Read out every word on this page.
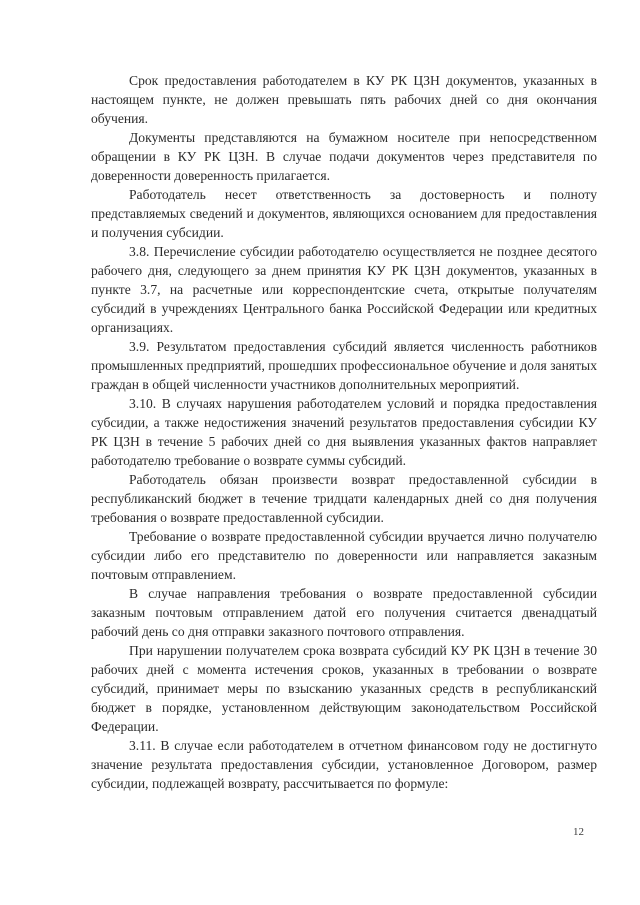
Срок предоставления работодателем в КУ РК ЦЗН документов, указанных в настоящем пункте, не должен превышать пять рабочих дней со дня окончания обучения.

Документы представляются на бумажном носителе при непосредственном обращении в КУ РК ЦЗН. В случае подачи документов через представителя по доверенности доверенность прилагается.

Работодатель несет ответственность за достоверность и полноту представляемых сведений и документов, являющихся основанием для предоставления и получения субсидии.

3.8. Перечисление субсидии работодателю осуществляется не позднее десятого рабочего дня, следующего за днем принятия КУ РК ЦЗН документов, указанных в пункте 3.7, на расчетные или корреспондентские счета, открытые получателям субсидий в учреждениях Центрального банка Российской Федерации или кредитных организациях.

3.9. Результатом предоставления субсидий является численность работников промышленных предприятий, прошедших профессиональное обучение и доля занятых граждан в общей численности участников дополнительных мероприятий.

3.10. В случаях нарушения работодателем условий и порядка предоставления субсидии, а также недостижения значений результатов предоставления субсидии КУ РК ЦЗН в течение 5 рабочих дней со дня выявления указанных фактов направляет работодателю требование о возврате суммы субсидий.

Работодатель обязан произвести возврат предоставленной субсидии в республиканский бюджет в течение тридцати календарных дней со дня получения требования о возврате предоставленной субсидии.

Требование о возврате предоставленной субсидии вручается лично получателю субсидии либо его представителю по доверенности или направляется заказным почтовым отправлением.

В случае направления требования о возврате предоставленной субсидии заказным почтовым отправлением датой его получения считается двенадцатый рабочий день со дня отправки заказного почтового отправления.

При нарушении получателем срока возврата субсидий КУ РК ЦЗН в течение 30 рабочих дней с момента истечения сроков, указанных в требовании о возврате субсидий, принимает меры по взысканию указанных средств в республиканский бюджет в порядке, установленном действующим законодательством Российской Федерации.

3.11. В случае если работодателем в отчетном финансовом году не достигнуто значение результата предоставления субсидии, установленное Договором, размер субсидии, подлежащей возврату, рассчитывается по формуле:

12
